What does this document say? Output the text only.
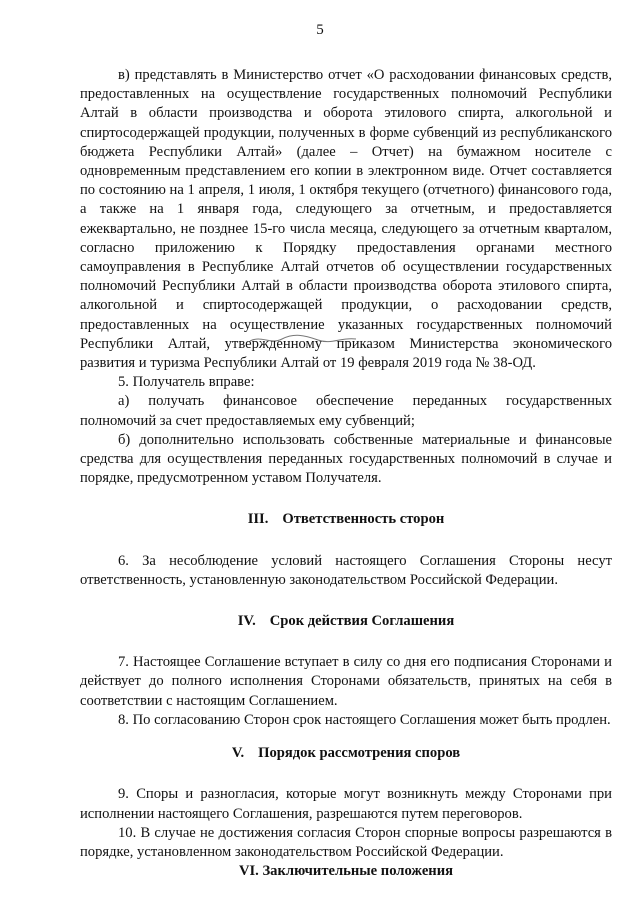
5

в) представлять в Министерство отчет «О расходовании финансовых средств, предоставленных на осуществление государственных полномочий Республики Алтай в области производства и оборота этилового спирта, алкогольной и спиртосодержащей продукции, полученных в форме субвенций из республиканского бюджета Республики Алтай» (далее – Отчет) на бумажном носителе с одновременным представлением его копии в электронном виде. Отчет составляется по состоянию на 1 апреля, 1 июля, 1 октября текущего (отчетного) финансового года, а также на 1 января года, следующего за отчетным, и предоставляется ежеквартально, не позднее 15-го числа месяца, следующего за отчетным кварталом, согласно приложению к Порядку предоставления органами местного самоуправления в Республике Алтай отчетов об осуществлении государственных полномочий Республики Алтай в области производства оборота этилового спирта, алкогольной и спиртосодержащей продукции, о расходовании средств, предоставленных на осуществление указанных государственных полномочий Республики Алтай, утвержденному приказом Министерства экономического развития и туризма Республики Алтай от 19 февраля 2019 года № 38-ОД.

5. Получатель вправе:

а) получать финансовое обеспечение переданных государственных полномочий за счет предоставляемых ему субвенций;

б) дополнительно использовать собственные материальные и финансовые средства для осуществления переданных государственных полномочий в случае и порядке, предусмотренном уставом Получателя.

III. Ответственность сторон

6. За несоблюдение условий настоящего Соглашения Стороны несут ответственность, установленную законодательством Российской Федерации.

IV. Срок действия Соглашения

7. Настоящее Соглашение вступает в силу со дня его подписания Сторонами и действует до полного исполнения Сторонами обязательств, принятых на себя в соответствии с настоящим Соглашением.

8. По согласованию Сторон срок настоящего Соглашения может быть продлен.

V. Порядок рассмотрения споров

9. Споры и разногласия, которые могут возникнуть между Сторонами при исполнении настоящего Соглашения, разрешаются путем переговоров.

10. В случае не достижения согласия Сторон спорные вопросы разрешаются в порядке, установленном законодательством Российской Федерации.

VI. Заключительные положения
